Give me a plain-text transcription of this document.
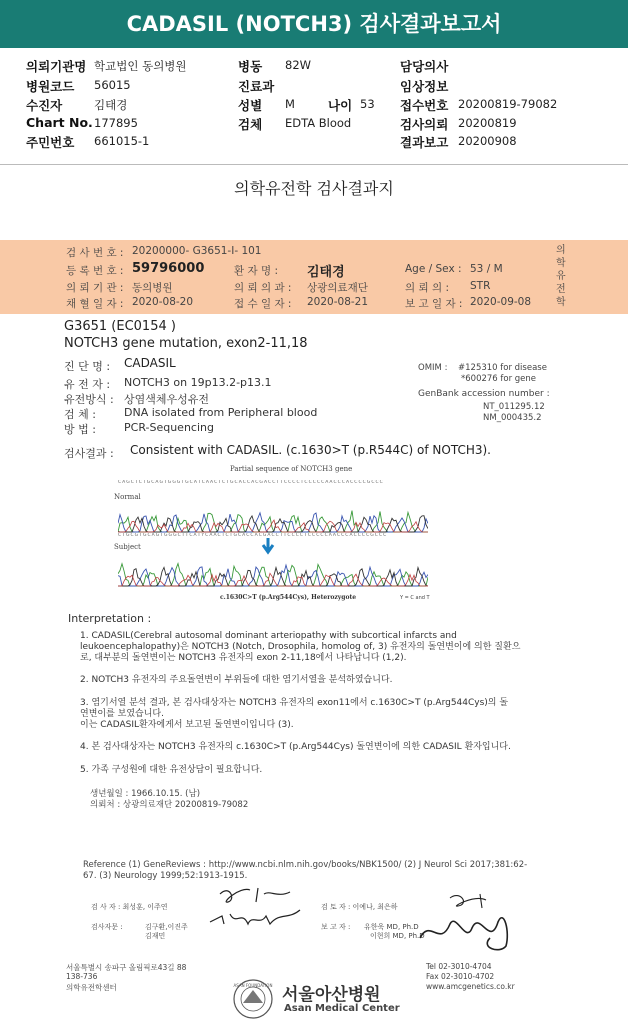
CADASIL (NOTCH3) 검사결과보고서
의뢰기관명 학교법인 동의병원
병원코드 56015
수진자	김태경
Chart No. 177895
주민번호 661015-1
병동 82W
진료과
성별 M	나이 53
검체 EDTA Blood
담당의사
임상정보
접수번호 20200819-79082
검사의뢰 20200819
결과보고 20200908
의학유전학 검사결과지
의학유전학
검 사 번 호 : 20200000- G3651-I- 101
등 록 번 호 : 59796000	환 자 명 : 김태경	Age / Sex : 53 / M
의 뢰 기 관 : 동의병원	의 뢰 의 과 : 상광의료재단	의 뢰 의 : STR
채 혈 일 자 : 2020-08-20	접 수 일 자 : 2020-08-21	보 고 일 자 : 2020-09-08
G3651 (EC0154 )
NOTCH3 gene mutation, exon2-11,18
진 단 명 : CADASIL
유 전 자 : NOTCH3 on 19p13.2-p13.1
유전방식 : 상염색체우성유전
검 체 :	DNA isolated from Peripheral blood
방 법 :	PCR-Sequencing
OMIM : #125310 for disease
*600276 for gene
GenBank accession number :
NT_011295.12
NM_000435.2
검사결과 : Consistent with CADASIL. (c.1630>T (p.R544C) of NOTCH3).
Partial sequence of NOTCH3 gene
Normal
Subject
C A G C T C T G C A G T G G G T G C A T C A A C T C T G C A C C A C G A C C T T C C C C T C C C C C A A C C C A C C C C G C C C
C T G C G T G C A G T G G G C T T C A T Y C A A C T C T G C A C C A C G A C C T T C C C C T C C C C C A A C C C A C C C C G C C C
c.1630C>T (p.Arg544Cys), Heterozygote	Y = C and T
Interpretation :
1. CADASIL(Cerebral autosomal dominant arteriopathy with subcortical infarcts and
leukoencephalopathy)은 NOTCH3 (Notch, Drosophila, homolog of, 3) 유전자의 돌연변이에 의한 질환으
로, 대부분의 돌연변이는 NOTCH3 유전자의 exon 2-11,18에서 나타납니다 (1,2).
2. NOTCH3 유전자의 주요돌연변이 부위들에 대한 염기서열을 분석하였습니다.
3. 염기서열 분석 결과, 본 검사대상자는 NOTCH3 유전자의 exon11에서 c.1630C>T (p.Arg544Cys)의 돌
연변이를 보였습니다.
이는 CADASIL환자에게서 보고된 돌연변이입니다 (3).
4. 본 검사대상자는 NOTCH3 유전자의 c.1630C>T (p.Arg544Cys) 돌연변이에 의한 CADASIL 환자입니다.
5. 가족 구성원에 대한 유전상담이 필요합니다.
생년월일 : 1966.10.15. (남)
의뢰처 : 상광의료재단 20200819-79082
Reference (1) GeneReviews : http://www.ncbi.nlm.nih.gov/books/NBK1500/ (2) J Neurol Sci 2017;381:62-
67. (3) Neurology 1999;52:1913-1915.
검 사 자 : 최성훈, 이주연
검사자문 :	김구환,이진주
김재민
검 토 자 : 이예나, 최은하
보 고 자 : 유한욱 MD, Ph.D
이현희 MD, Ph.D
서울특별시 송파구 올림픽로43길 88
138-736
의학유전학센터	ASAN FOUNDATION 서울아산병원
Asan Medical Center
Tel 02-3010-4704
Fax 02-3010-4702
www.amcgenetics.co.kr
